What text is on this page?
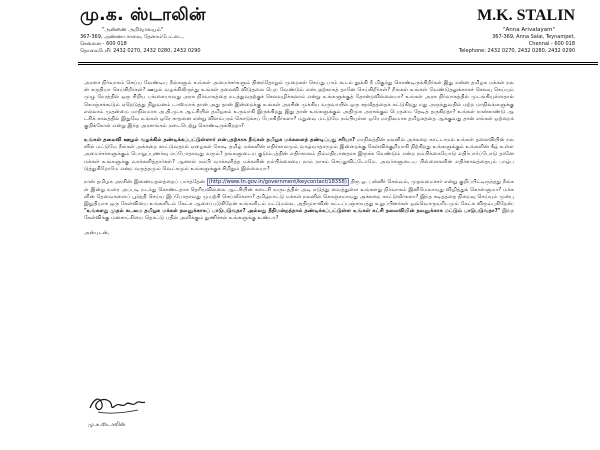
மு.க. ஸ்டாலின்
"அன்னை அறிவாலயம்"
367-369, அண்ணா சாலை, தேனாம்பேட்டை,
சென்னை - 600 018
தொலைபேசி: 2432 0270, 2432 0280, 2432 0290
M.K. STALIN
"Anna Arivalayam"
367-369, Anna Salai, Teynampet,
Chennai - 600 018
Telephone: 2432 0270, 2432 0280, 2432 0290

அரசை நிர்வாகம் செய்ய வேண்டிய நீங்களும் உங்கள் அமைச்சர்களும் தினந்தோறும் முறைகள் செய்து பாம் கூடம் தூக்கி நீ மிகுந்து கொண்டிருக்கிறீர்கள் இது என்ன தமிழக மக்கள் நலன் கருதியா செய்கிறீர்கள்? ஊழல் வழக்கிலிருந்து உங்கள் தலைவி விடுதலை பெற வேண்டும் என்பதற்காகத் தானே செய்கிறீர்கள்? நீங்கள் உங்கள் வேண்டுதலுக்காகச் செலவு செய்யும் முழு நேரத்தில் ஒரு சிறிய பங்கையாவது அரசு நிர்வாகத்தை நடத்துவதற்குச் செலவழிக்கலாம் என்று உங்களுக்குத் தோன்றவில்லையா? உங்கள் அரசு நிர்வாகத்தில் முடங்கியுள்ளதால் கொஞ்சக்கூடும் ஏறெடுத்து நிறுவனம் டாஸ்மாக் தான் அது தான் இன்றைக்கு உங்கள் அரசின் முக்கிய வருவாயில் ஒரு சதவீதத்தைக் கட்டுகிறது மது அருந்துவதில் மற்ற மாநிலங்களுக்கு எல்லாம் முதன்மை மாநிலமாக அ.தி.மு.க ஆட்சியில் தமிழகம் உருவாகி இருக்கிறது இது தான் உங்களுக்கும் அதிமுக அரசுக்கும் பெருமை தேடித் தருகிறதா? உங்கள் நான்காண்டு ஆட்சிக் காலத்தில் இதுவே உங்கள் ஒரே சாதனை என்று விளம்பரம் கொடுக்கப் போகிறீர்களா? மதுவை மட்டுமே நம்பியுள்ள ஒரே மாநிலமாக தமிழகத்தை ஆக்குவது தான் எங்கள் ஒற்றைக் குறிக்கோள் என்று இந்த அரசாங்கம் நடைபெற்று கொண்டிருக்கிறதா?

உங்கள் தலைவி ஊழல் வழக்கில் தண்டிக்கப்பட்டுள்ளார் என்பதற்காக நீங்கள் தமிழக மக்களைத் தண்டிப்பது சரியா? மாநிலத்தின் நலனில் அக்கறை காட்டாமல் உங்கள் தலைவியின் நலனில் மட்டுமே நீங்கள் அக்கறை காட்டுவதால் ஏழைகள் கோடி தமிழ் மக்களின் எதிர்காலமும் வாழ்வாதாரமும் இன்றைக்கு கேள்விக்குறியாகி நிற்கிறது உங்களுக்கும் உங்களின் கீழ் உள்ள அமைச்சர்களுக்கும் பொறுப்புணர்வு எப்போதாவது வரும்? தங்களுடைய குடும்பத்தின் எதிர்காலம் நிம்மதியானதாக இருக்க வேண்டும் என்ற நம்பிக்கையோடு எதிர்பார்ப்போடு தானே மக்கள் உங்களுக்கு வாக்களித்தார்கள்? ஆனால் நம்பி வாக்களித்த மக்களின் நம்பிக்கையை நாம் நாசம் செய்துவிட்டோமே. அவர்களுடைய பிள்ளைகளின் எதிர்காலத்தையும் பாழ்படுத்துகிறோமே என்ற வருத்தமும் வெட்கமும் உங்களுக்குச் சிறிதும் இல்லையா?

நான் தமிழக அரசின் இணையதளத்தைப் பார்த்தேன் (http://www.tn.gov.in/government/keycontact/18358) திரு ஓ. பன்னீர் செல்வம், முதலமைச்சர் என்று குறிப்பிட்டிருந்தது நீங்கள் இன்று வரை அப்படி நடந்து கொண்டதாக தெரியவில்லை ஆட்சியின் கடைசி வருடத்தில் அடி எடுத்து வைத்துள்ள உங்களது நிர்வாகம் இனிமேலாவது விழித்துக் கொள்ளுமா? மக்களின் தேவைகளைப் பூர்த்தி செய்ய இப்போதாவது முயற்சி செய்வீர்களா? தமிழ்நாட்டு மக்கள் நலனில் கொஞ்சமாவது அக்கறை காட்டுவீர்களா? இந்த கடிதத்தை நிறைவு செய்யும் முன்பு இறுதியாக ஒரு கேள்வியை உங்களிடம் கேட்க ஆசைப்படுகிறேன் உங்களிடம் மட்டுமல்ல, அதிமுக-வின் கட்டப்பஞ்சாயத்து உறுப்பினர்கள் ஒவ்வொருவரிடமும் கேட்க விரும்புகிறேன்: "உங்களது முதல் கடமை தமிழக மக்கள் நலனுக்காகப் பாடுபடுவதா? அல்லது நீதிமன்றத்தால் தண்டிக்கப்பட்டுள்ள உங்கள் கட்சி தலைவியின் நலனுக்காக மட்டும் பாடுபடுவதா?" இந்த கேள்விக்கு மனசாட்சியை தொட்டு பதில் அளிக்கும் துணிச்சல் உங்களுக்கு உண்டா?

அன்புடன்,
மு.க.ஸ்டாலின்
